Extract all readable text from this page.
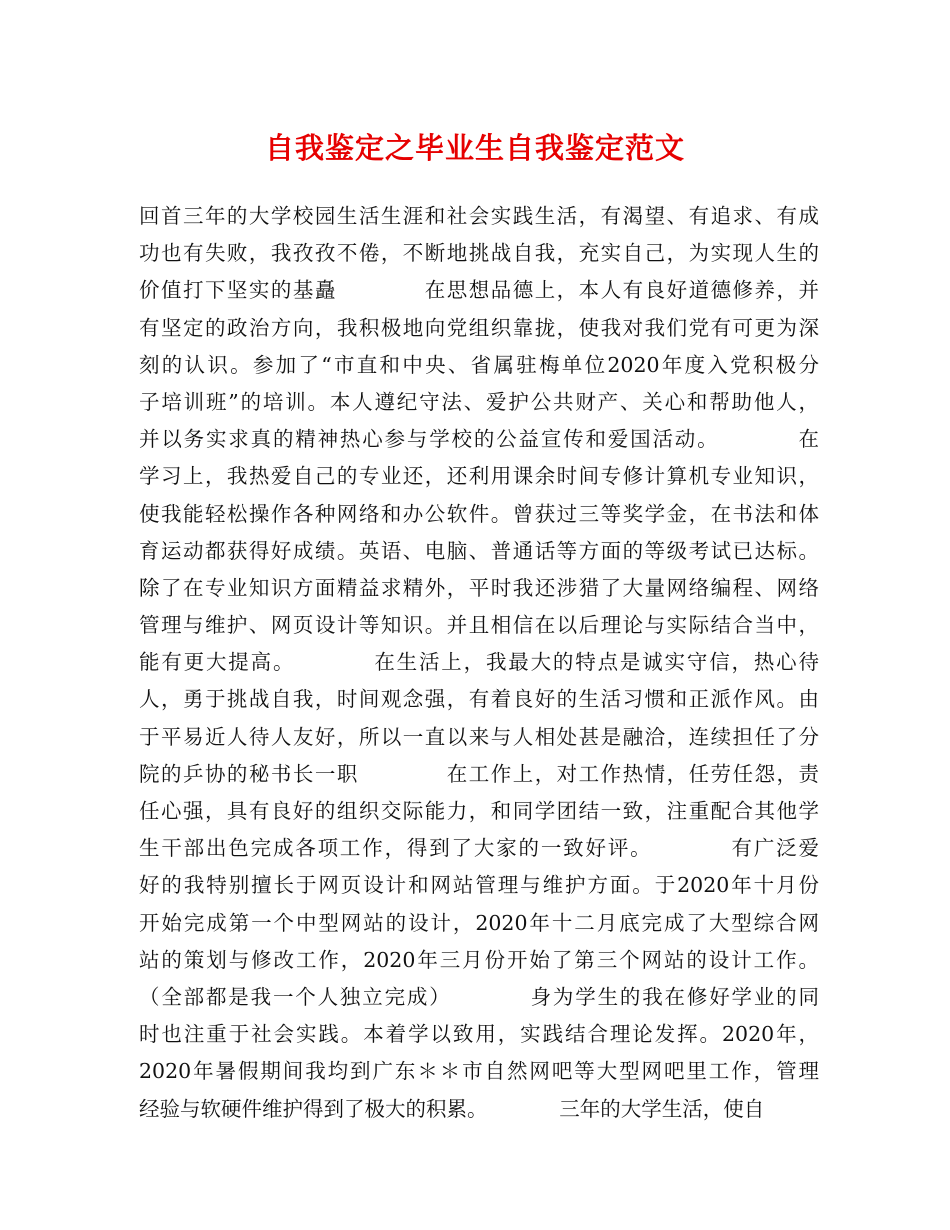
自我鉴定之毕业生自我鉴定范文
回首三年的大学校园生活生涯和社会实践生活，有渴望、有追求、有成
功也有失败，我孜孜不倦，不断地挑战自我，充实自己，为实现人生的
价值打下坚实的基矗　　　　在思想品德上，本人有良好道德修养，并
有坚定的政治方向，我积极地向党组织靠拢，使我对我们党有可更为深
刻的认识。参加了“市直和中央、省属驻梅单位2020年度入党积极分
子培训班”的培训。本人遵纪守法、爱护公共财产、关心和帮助他人，
并以务实求真的精神热心参与学校的公益宣传和爱国活动。　　　　在
学习上，我热爱自己的专业还，还利用课余时间专修计算机专业知识，
使我能轻松操作各种网络和办公软件。曾获过三等奖学金，在书法和体
育运动都获得好成绩。英语、电脑、普通话等方面的等级考试已达标。
除了在专业知识方面精益求精外，平时我还涉猎了大量网络编程、网络
管理与维护、网页设计等知识。并且相信在以后理论与实际结合当中，
能有更大提高。　　　　在生活上，我最大的特点是诚实守信，热心待
人，勇于挑战自我，时间观念强，有着良好的生活习惯和正派作风。由
于平易近人待人友好，所以一直以来与人相处甚是融洽，连续担任了分
院的乒协的秘书长一职　　　　在工作上，对工作热情，任劳任怨，责
任心强，具有良好的组织交际能力，和同学团结一致，注重配合其他学
生干部出色完成各项工作，得到了大家的一致好评。　　　　有广泛爱
好的我特别擅长于网页设计和网站管理与维护方面。于2020年十月份
开始完成第一个中型网站的设计，2020年十二月底完成了大型综合网
站的策划与修改工作，2020年三月份开始了第三个网站的设计工作。
（全部都是我一个人独立完成）　　　　身为学生的我在修好学业的同
时也注重于社会实践。本着学以致用，实践结合理论发挥。2020年，
2020年暑假期间我均到广东＊＊市自然网吧等大型网吧里工作，管理
经验与软硬件维护得到了极大的积累。　　　　三年的大学生活，使自
